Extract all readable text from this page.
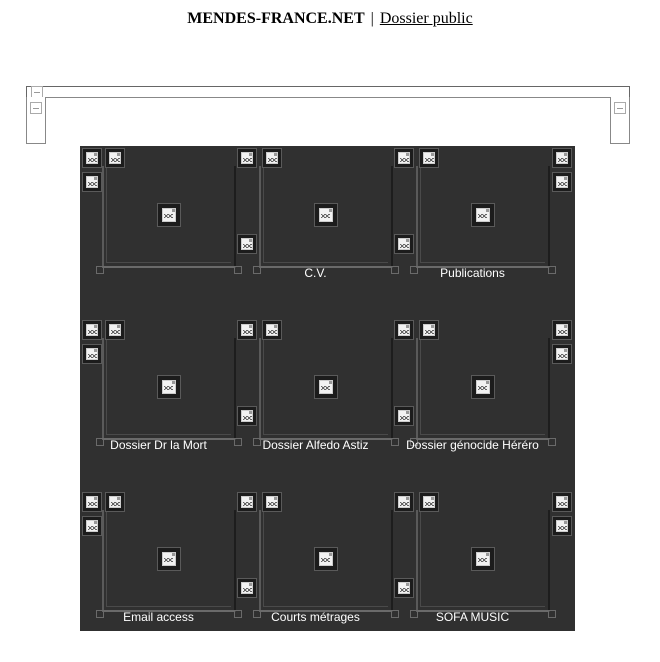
MENDES-FRANCE.NET | Dossier public
C.V.	Publications
Dossier Dr la Mort	Dossier Alfedo Astiz	Dossier génocide Héréro
Email access	Courts métrages	SOFA MUSIC
